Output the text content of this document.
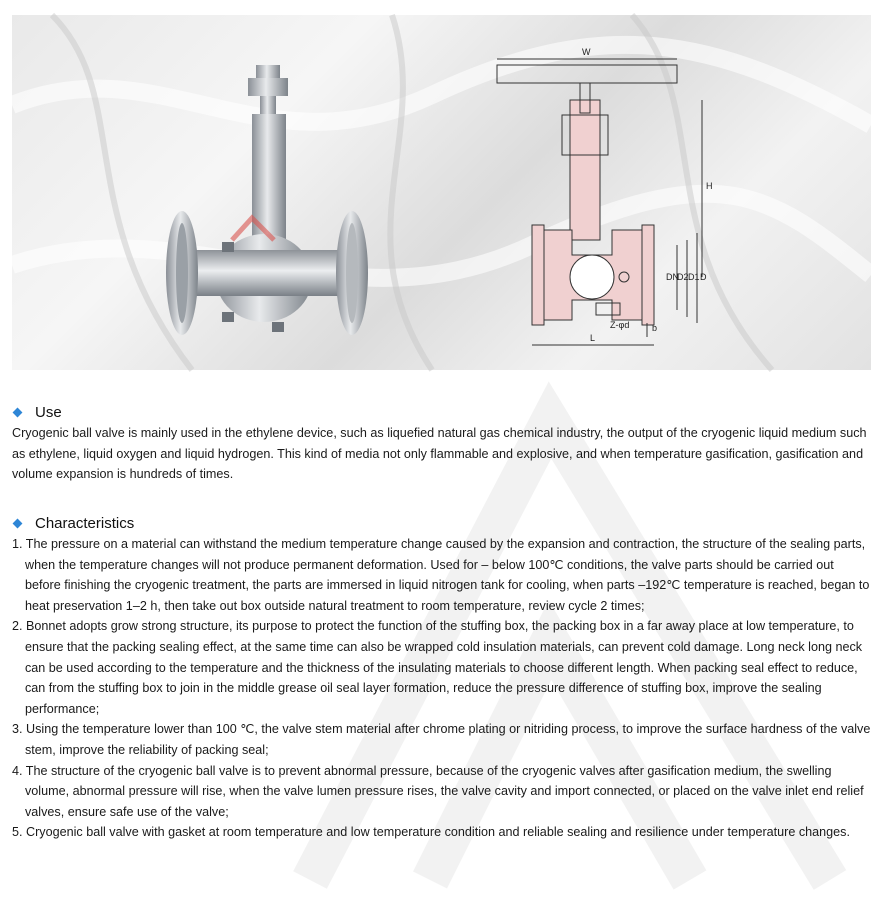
W
H
DN
D2 D1 D
L
b
Z-φd
Use
Cryogenic ball valve is mainly used in the ethylene device, such as liquefied natural gas chemical industry, the output of the cryogenic liquid medium such as ethylene, liquid oxygen and liquid hydrogen. This kind of media not only flammable and explosive, and when temperature gasification, gasification and volume expansion is hundreds of times.
Characteristics
1. The pressure on a material can withstand the medium temperature change caused by the expansion and contraction, the structure of the sealing parts, when the temperature changes will not produce permanent deformation. Used for – below 100℃ conditions, the valve parts should be carried out before finishing the cryogenic treatment, the parts are immersed in liquid nitrogen tank for cooling, when parts –192℃ temperature is reached, began to heat preservation 1–2 h, then take out box outside natural treatment to room temperature, review cycle 2 times;
2. Bonnet adopts grow strong structure, its purpose to protect the function of the stuffing box, the packing box in a far away place at low temperature, to ensure that the packing sealing effect, at the same time can also be wrapped cold insulation materials, can prevent cold damage. Long neck long neck can be used according to the temperature and the thickness of the insulating materials to choose different length. When packing seal effect to reduce, can from the stuffing box to join in the middle grease oil seal layer formation, reduce the pressure difference of stuffing box, improve the sealing performance;
3. Using the temperature lower than 100 ℃, the valve stem material after chrome plating or nitriding process, to improve the surface hardness of the valve stem, improve the reliability of packing seal;
4. The structure of the cryogenic ball valve is to prevent abnormal pressure, because of the cryogenic valves after gasification medium, the swelling volume, abnormal pressure will rise, when the valve lumen pressure rises, the valve cavity and import connected, or placed on the valve inlet end relief valves, ensure safe use of the valve;
5. Cryogenic ball valve with gasket at room temperature and low temperature condition and reliable sealing and resilience under temperature changes.
